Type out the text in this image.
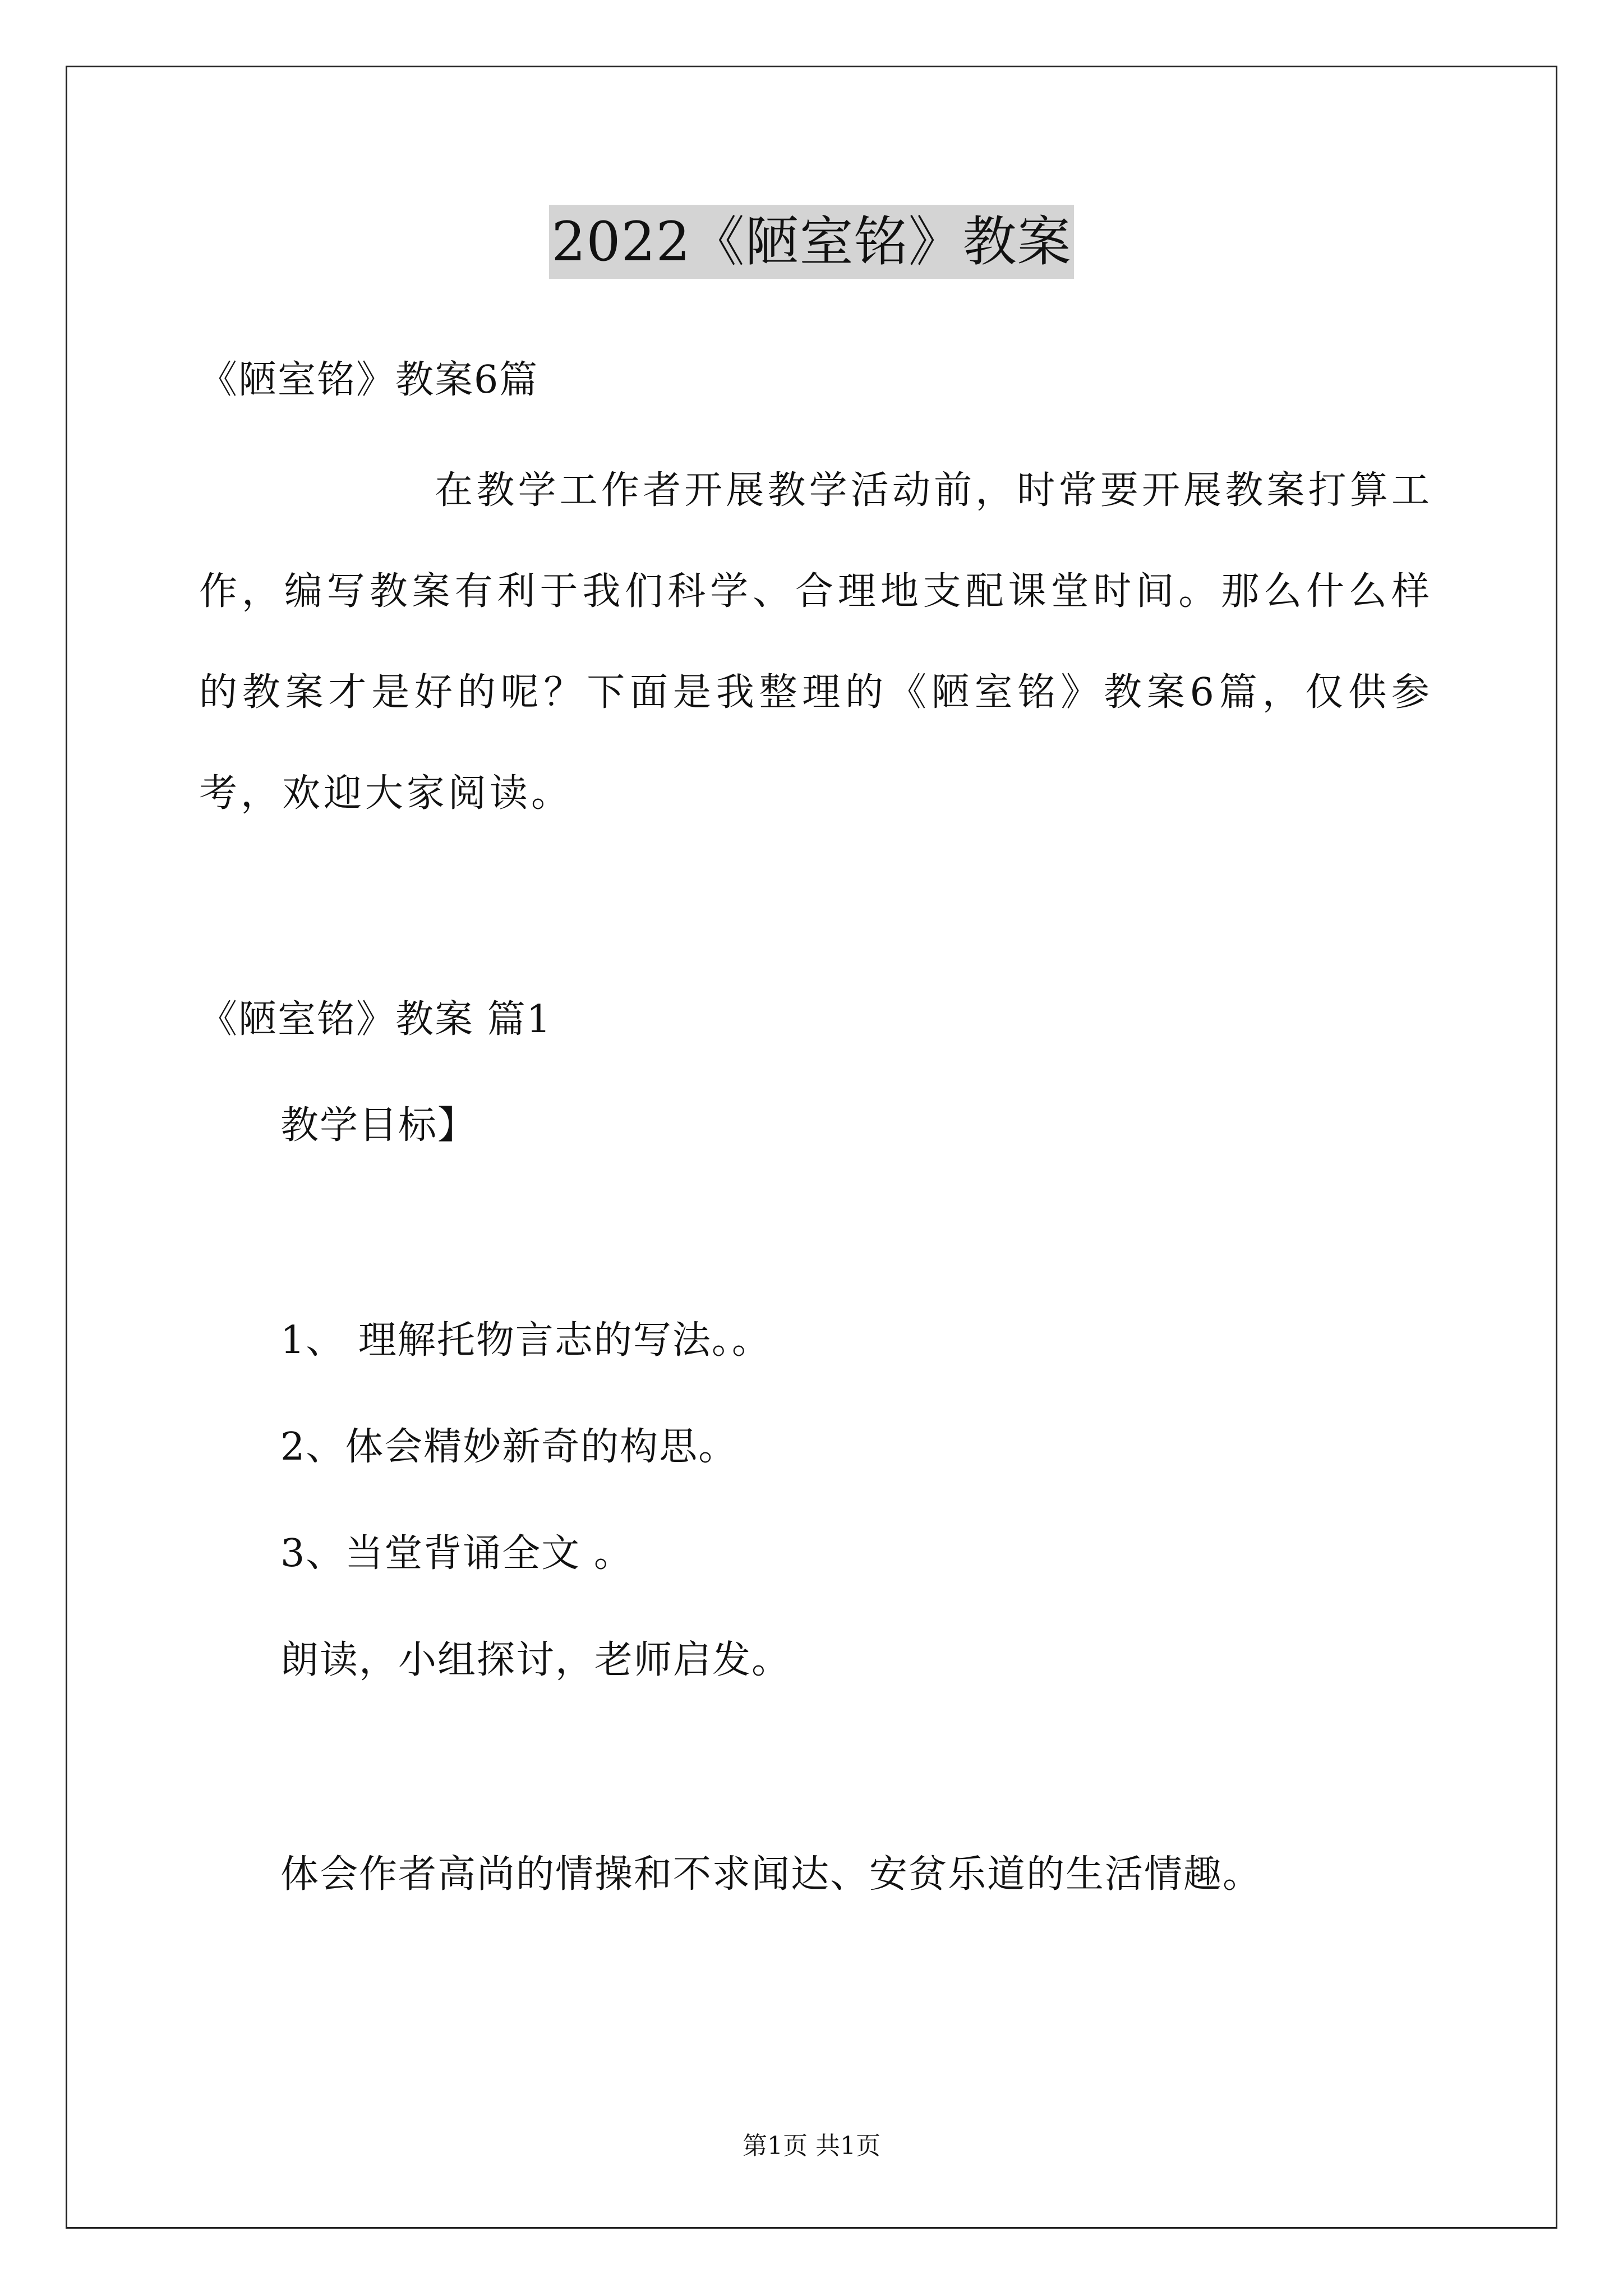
2022《陋室铭》教案
《陋室铭》教案6篇
在教学工作者开展教学活动前，时常要开展教案打算工作，编写教案有利于我们科学、合理地支配课堂时间。那么什么样的教案才是好的呢？下面是我整理的《陋室铭》教案6篇，仅供参考，欢迎大家阅读。
《陋室铭》教案 篇1
教学目标】
1、 理解托物言志的写法。。
2、体会精妙新奇的构思。
3、当堂背诵全文 。
朗读，小组探讨，老师启发。
体会作者高尚的情操和不求闻达、安贫乐道的生活情趣。
第1页 共1页
